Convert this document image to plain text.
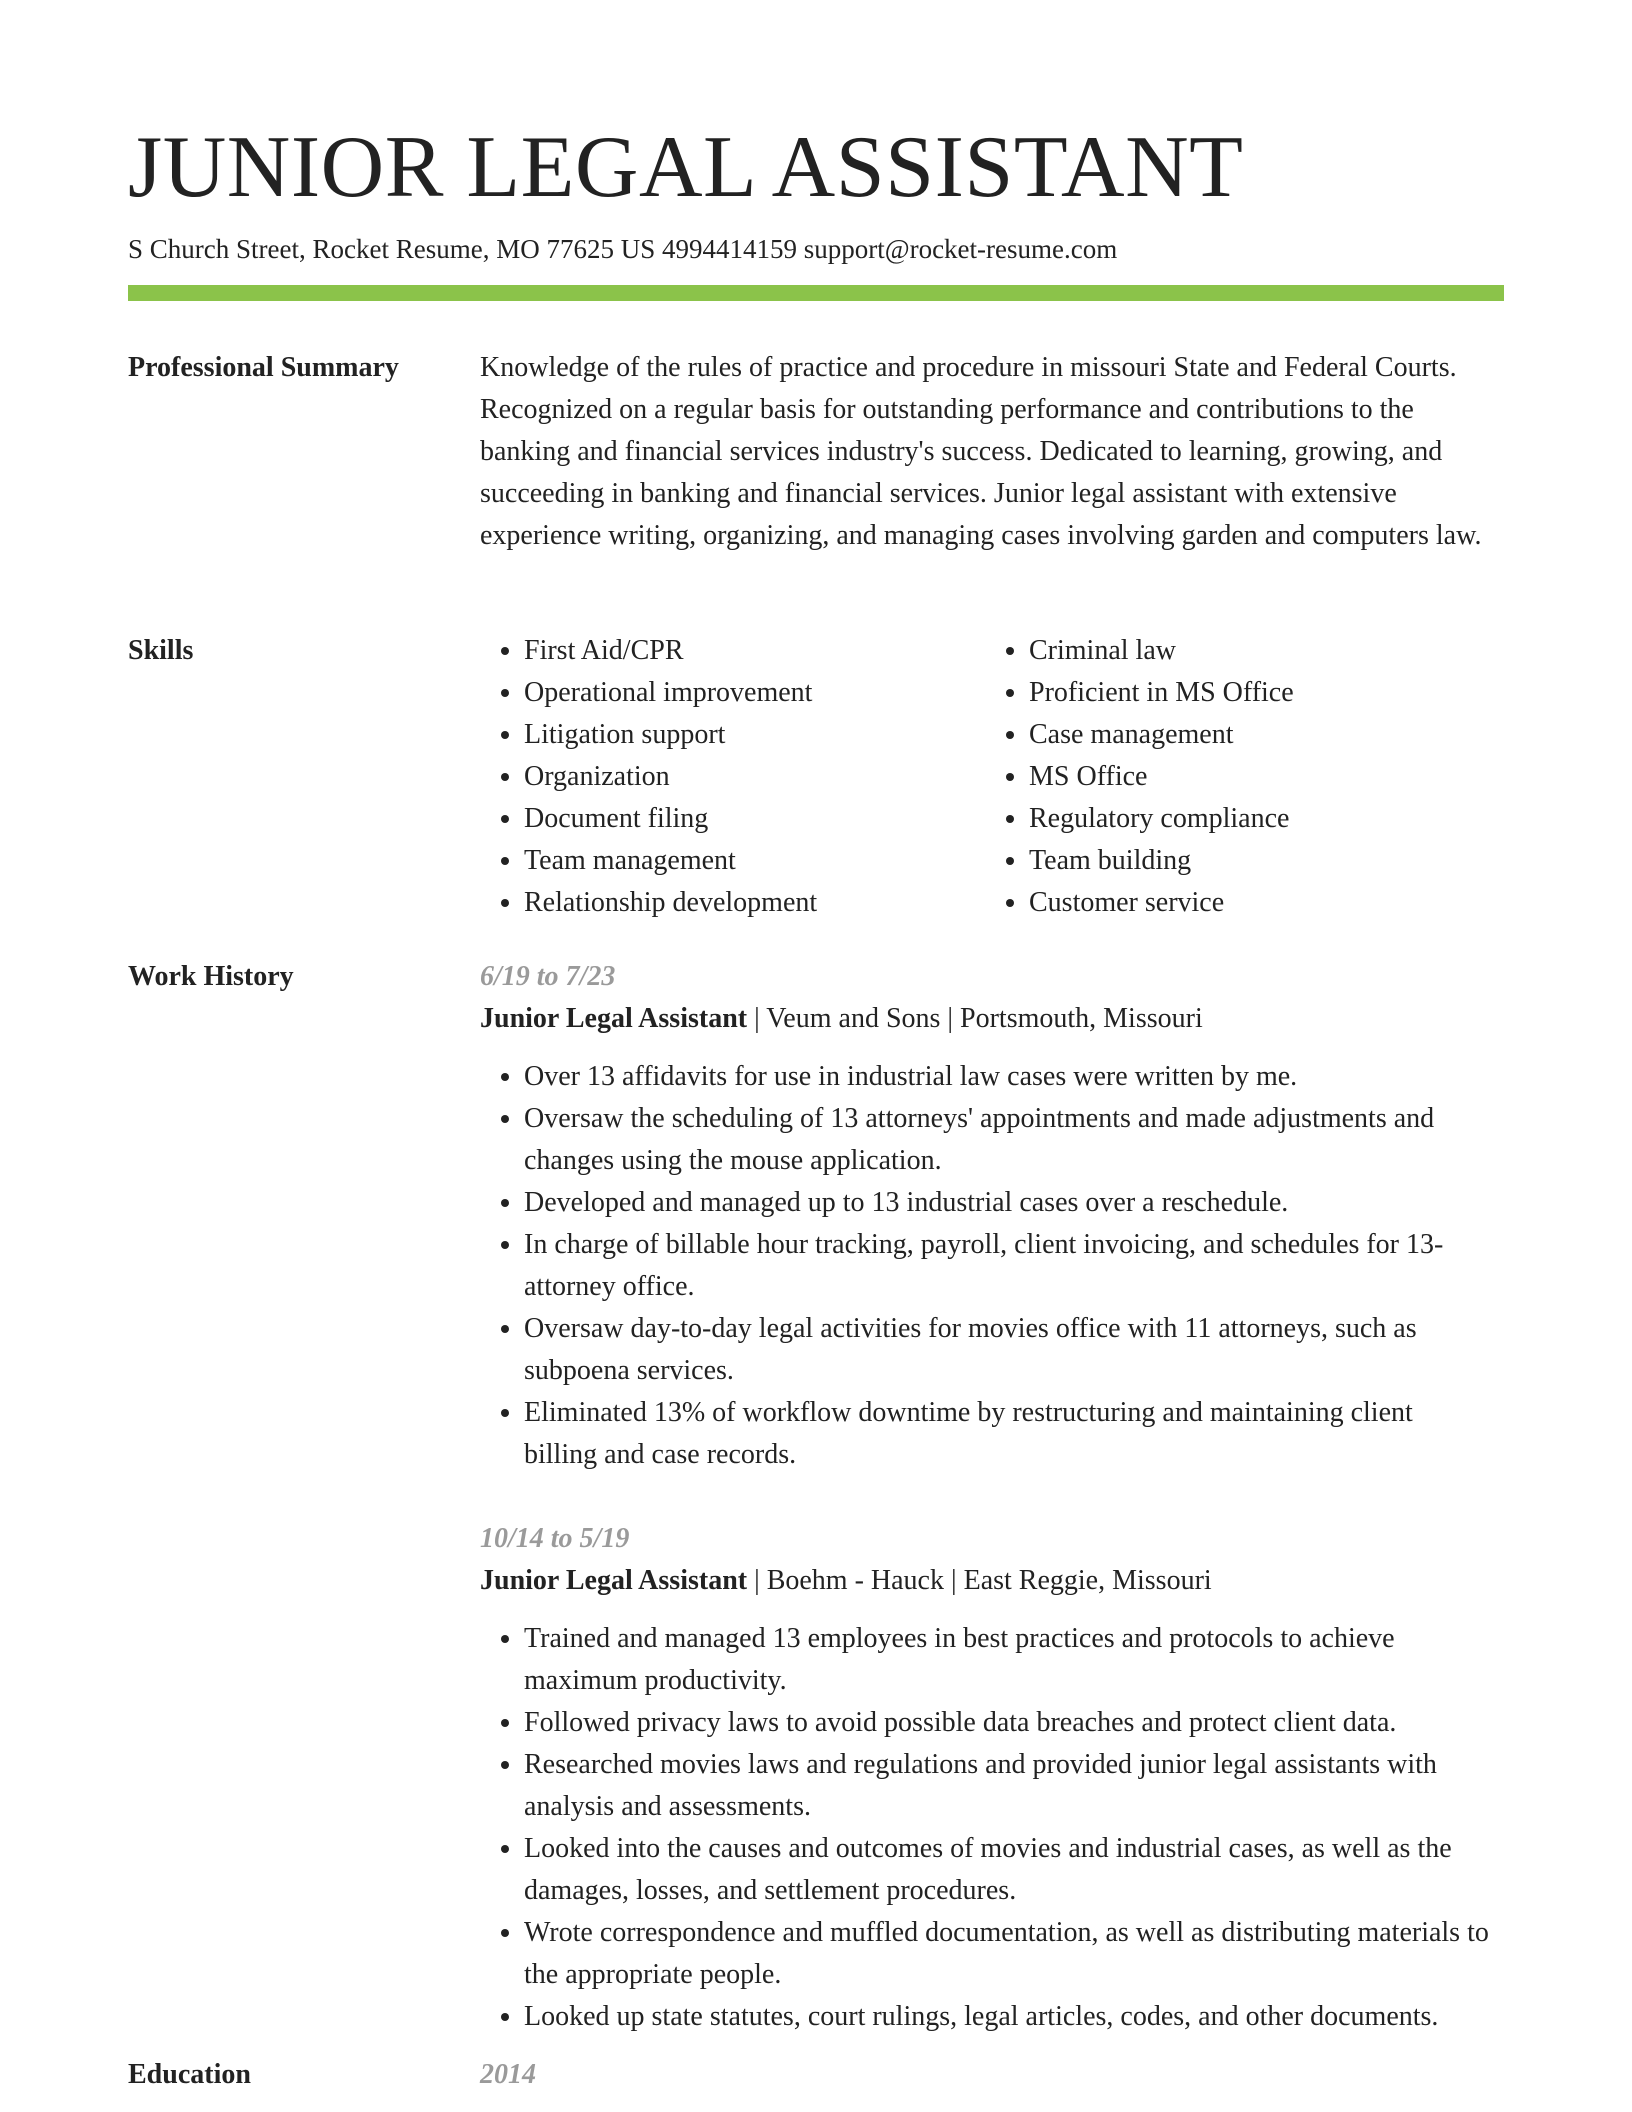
JUNIOR LEGAL ASSISTANT
S Church Street, Rocket Resume, MO 77625 US 4994414159 support@rocket-resume.com
Professional Summary	Knowledge of the rules of practice and procedure in missouri State and Federal Courts. Recognized on a regular basis for outstanding performance and contributions to the banking and financial services industry's success. Dedicated to learning, growing, and succeeding in banking and financial services. Junior legal assistant with extensive experience writing, organizing, and managing cases involving garden and computers law.

Skills
•	First Aid/CPR
• Operational improvement
• Litigation support
• Organization
• Document filing
• Team management
• Relationship development
• Criminal law
• Proficient in MS Office
• Case management
• MS Office
• Regulatory compliance
• Team building
• Customer service
Work History	6/19 to 7/23
Junior Legal Assistant | Veum and Sons | Portsmouth, Missouri
• Over 13 affidavits for use in industrial law cases were written by me.
• Oversaw the scheduling of 13 attorneys' appointments and made adjustments and changes using the mouse application.
• Developed and managed up to 13 industrial cases over a reschedule.
• In charge of billable hour tracking, payroll, client invoicing, and schedules for 13-attorney office.
• Oversaw day-to-day legal activities for movies office with 11 attorneys, such as subpoena services.
• Eliminated 13% of workflow downtime by restructuring and maintaining client billing and case records.
10/14 to 5/19
Junior Legal Assistant | Boehm - Hauck | East Reggie, Missouri
• Trained and managed 13 employees in best practices and protocols to achieve maximum productivity.
• Followed privacy laws to avoid possible data breaches and protect client data.
• Researched movies laws and regulations and provided junior legal assistants with analysis and assessments.
• Looked into the causes and outcomes of movies and industrial cases, as well as the damages, losses, and settlement procedures.
• Wrote correspondence and muffled documentation, as well as distributing materials to the appropriate people.
• Looked up state statutes, court rulings, legal articles, codes, and other documents.
Education	2014
